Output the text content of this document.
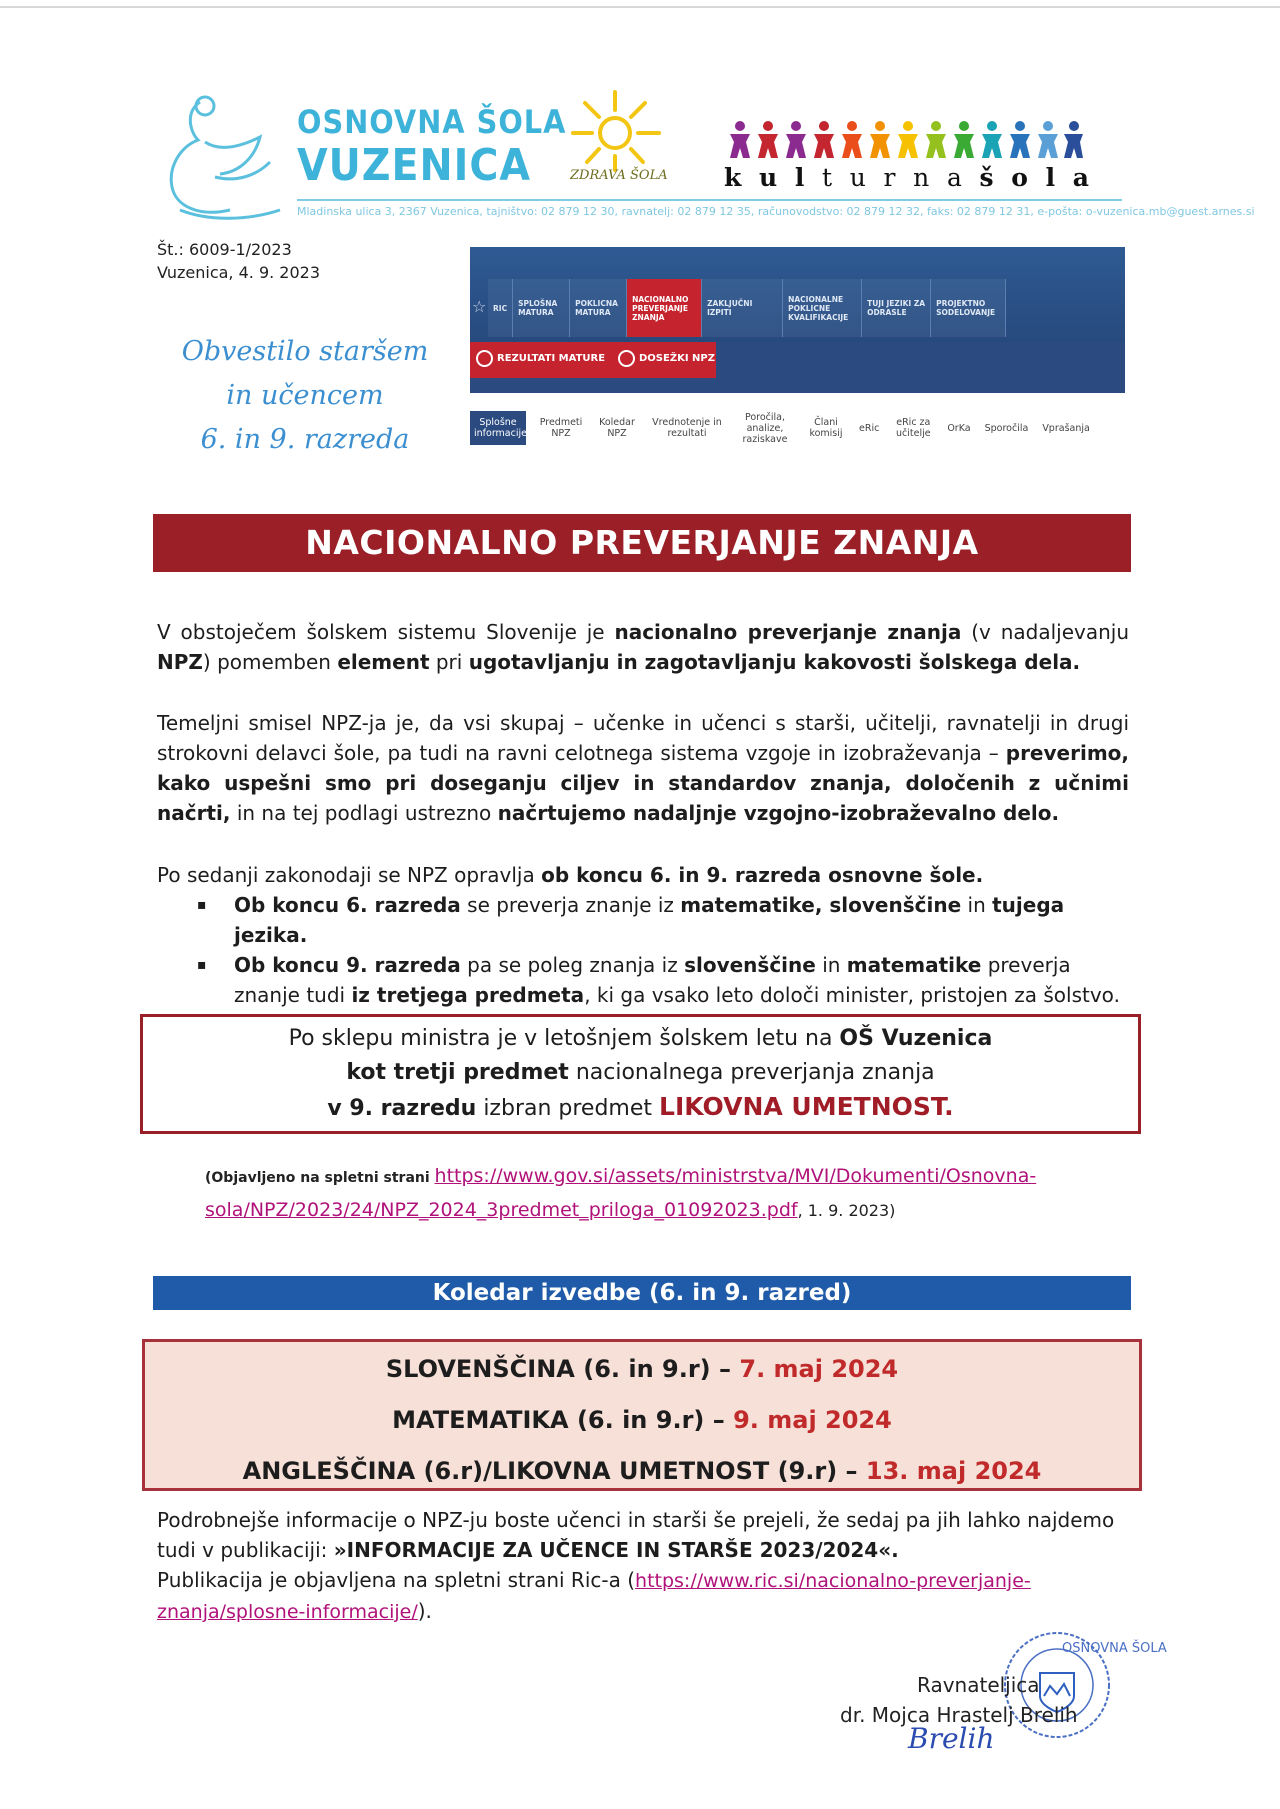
OSNOVNA ŠOLA
VUZENICA	ZDRAVA ŠOLA k u l t u r n a š o l a
Mladinska ulica 3, 2367 Vuzenica, tajništvo: 02 879 12 30, ravnatelj: 02 879 12 35, računovodstvo: 02 879 12 32, faks: 02 879 12 31, e-pošta: o-vuzenica.mb@guest.arnes.si
Št.: 6009-1/2023
Vuzenica, 4. 9. 2023
Obvestilo staršem
in učencem
6. in 9. razreda
☆ RIC	SPLOŠNA MATURA
POKLICNA MATURA
NACIONALNO PREVERJANJE ZNANJA
ZAKLJUČNI IZPITI
NACIONALNE POKLICNE KVALIFIKACIJE
TUJI JEZIKI ZA ODRASLE
PROJEKTNO SODELOVANJE
REZULTATI MATURE	DOSEŽKI NPZ
Splošne informacije
Predmeti NPZ
Koledar NPZ
Vrednotenje in rezultati
Poročila, analize, raziskave
Člani komisij	eRic	eRic za učitelje	OrKa	Sporočila	Vprašanja
NACIONALNO PREVERJANJE ZNANJA
V obstoječem šolskem sistemu Slovenije je nacionalno preverjanje znanja (v nadaljevanju NPZ) pomemben element pri ugotavljanju in zagotavljanju kakovosti šolskega dela.
Temeljni smisel NPZ-ja je, da vsi skupaj – učenke in učenci s starši, učitelji, ravnatelji in drugi strokovni delavci šole, pa tudi na ravni celotnega sistema vzgoje in izobraževanja – preverimo, kako uspešni smo pri doseganju ciljev in standardov znanja, določenih z učnimi načrti, in na tej podlagi ustrezno načrtujemo nadaljnje vzgojno-izobraževalno delo.
Po sedanji zakonodaji se NPZ opravlja ob koncu 6. in 9. razreda osnovne šole.
▪ Ob koncu 6. razreda se preverja znanje iz matematike, slovenščine in tujega jezika.
▪ Ob koncu 9. razreda pa se poleg znanja iz slovenščine in matematike preverja znanje tudi iz tretjega predmeta, ki ga vsako leto določi minister, pristojen za šolstvo.
Po sklepu ministra je v letošnjem šolskem letu na OŠ Vuzenica
kot tretji predmet nacionalnega preverjanja znanja
v 9. razredu izbran predmet LIKOVNA UMETNOST.
(Objavljeno na spletni strani https://www.gov.si/assets/ministrstva/MVI/Dokumenti/Osnovna-sola/NPZ/2023/24/NPZ_2024_3predmet_priloga_01092023.pdf, 1. 9. 2023)
Koledar izvedbe (6. in 9. razred)
SLOVENŠČINA (6. in 9.r) – 7. maj 2024
MATEMATIKA (6. in 9.r) – 9. maj 2024
ANGLEŠČINA (6.r)/LIKOVNA UMETNOST (9.r) – 13. maj 2024
Podrobnejše informacije o NPZ-ju boste učenci in starši še prejeli, že sedaj pa jih lahko najdemo tudi v publikaciji: »INFORMACIJE ZA UČENCE IN STARŠE 2023/2024«.
Publikacija je objavljena na spletni strani Ric-a (https://www.ric.si/nacionalno-preverjanje-znanja/splosne-informacije/).
OSNOVNA ŠOLA
Ravnateljica
dr. Mojca Hrastelj Brelih
Brelih
